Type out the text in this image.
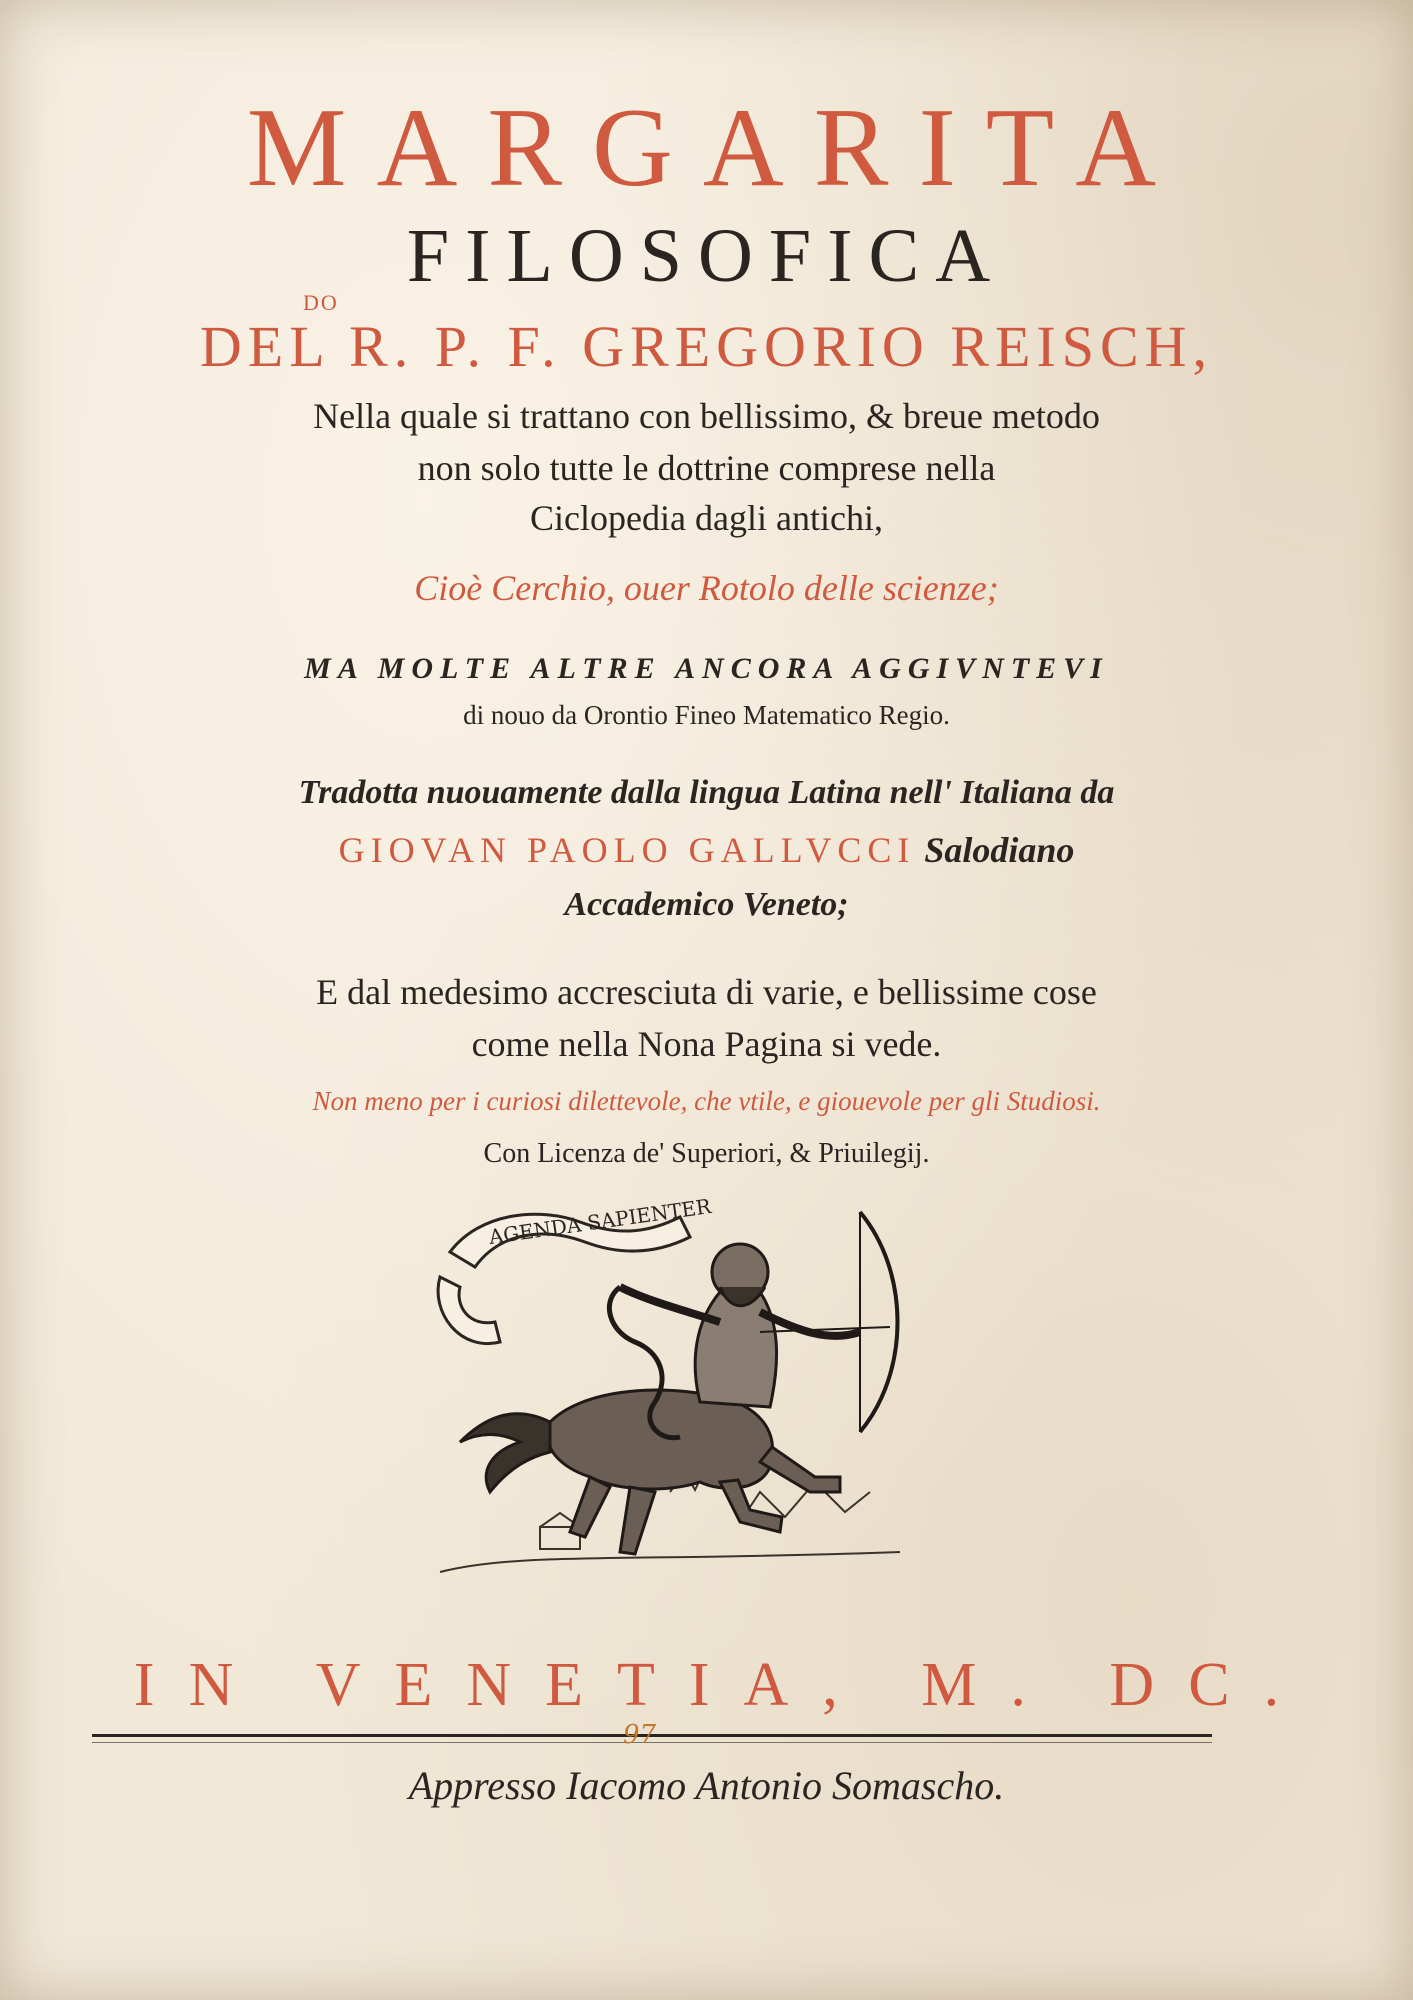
MARGARITA
FILOSOFICA
DO
DEL R. P. F. GREGORIO REISCH,
Nella quale si trattano con bellissimo, & breue metodo
non solo tutte le dottrine comprese nella
Ciclopedia dagli antichi,
Cioè Cerchio, ouer Rotolo delle scienze;
MA MOLTE ALTRE ANCORA AGGIVNTEVI
di nouo da Orontio Fineo Matematico Regio.
Tradotta nuouamente dalla lingua Latina nell' Italiana da
GIOVAN PAOLO GALLVCCI Salodiano
Accademico Veneto;
E dal medesimo accresciuta di varie, e bellissime cose
come nella Nona Pagina si vede.
Non meno per i curiosi dilettevole, che vtile, e giouevole per gli Studiosi.
Con Licenza de' Superiori, & Priuilegij.
AGENDA SAPIENTER
IN VENETIA, M. DC.
97
Appresso Iacomo Antonio Somascho.
